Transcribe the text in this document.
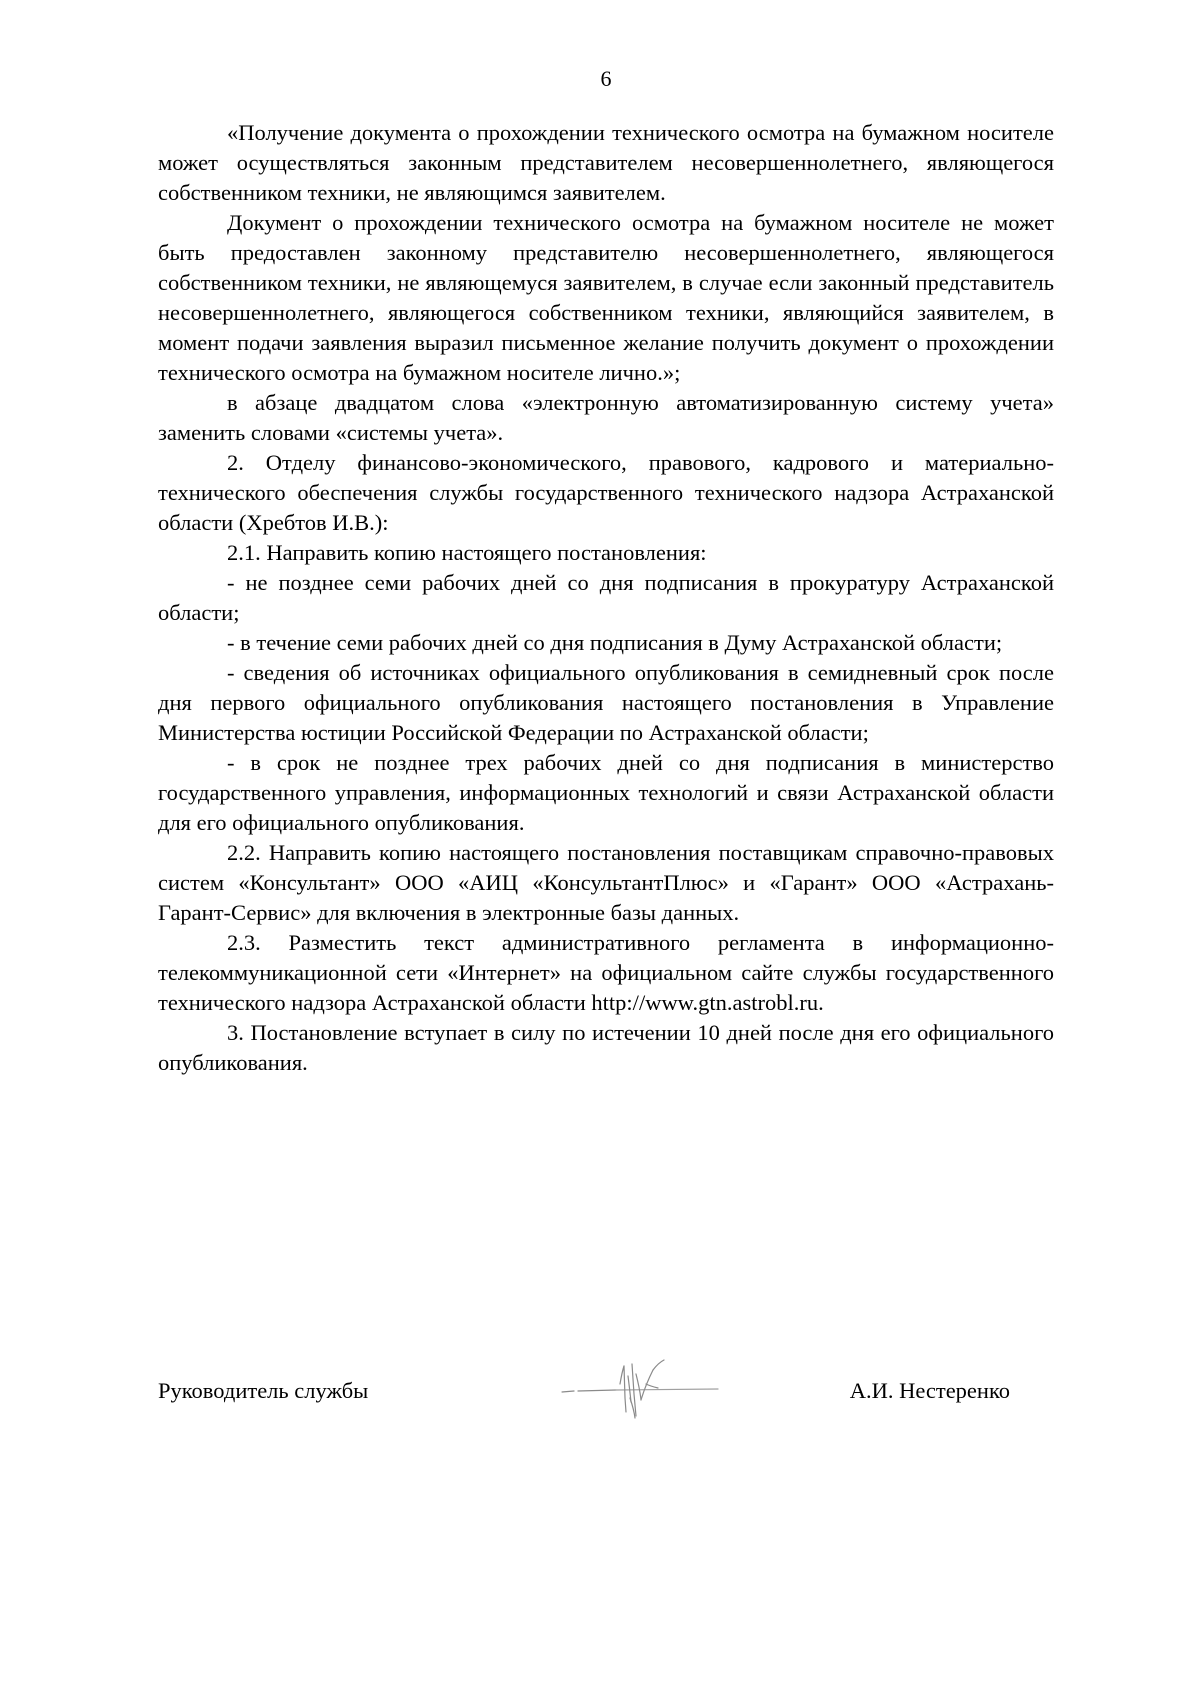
6

«Получение документа о прохождении технического осмотра на бумажном носителе может осуществляться законным представителем несовершеннолетнего, являющегося собственником техники, не являющимся заявителем.

Документ о прохождении технического осмотра на бумажном носителе не может быть предоставлен законному представителю несовершеннолетнего, являющегося собственником техники, не являющемуся заявителем, в случае если законный представитель несовершеннолетнего, являющегося собственником техники, являющийся заявителем, в момент подачи заявления выразил письменное желание получить документ о прохождении технического осмотра на бумажном носителе лично.»;

в абзаце двадцатом слова «электронную автоматизированную систему учета» заменить словами «системы учета».

2. Отделу финансово-экономического, правового, кадрового и материально-технического обеспечения службы государственного технического надзора Астраханской области (Хребтов И.В.):

2.1. Направить копию настоящего постановления:

- не позднее семи рабочих дней со дня подписания в прокуратуру Астраханской области;

- в течение семи рабочих дней со дня подписания в Думу Астраханской области;

- сведения об источниках официального опубликования в семидневный срок после дня первого официального опубликования настоящего постановления в Управление Министерства юстиции Российской Федерации по Астраханской области;

- в срок не позднее трех рабочих дней со дня подписания в министерство государственного управления, информационных технологий и связи Астраханской области для его официального опубликования.

2.2. Направить копию настоящего постановления поставщикам справочно-правовых систем «Консультант» ООО «АИЦ «КонсультантПлюс» и «Гарант» ООО «Астрахань-Гарант-Сервис» для включения в электронные базы данных.

2.3. Разместить текст административного регламента в информационно-телекоммуникационной сети «Интернет» на официальном сайте службы государственного технического надзора Астраханской области http://www.gtn.astrobl.ru.

3. Постановление вступает в силу по истечении 10 дней после дня его официального опубликования.

Руководитель службы	А.И. Нестеренко
